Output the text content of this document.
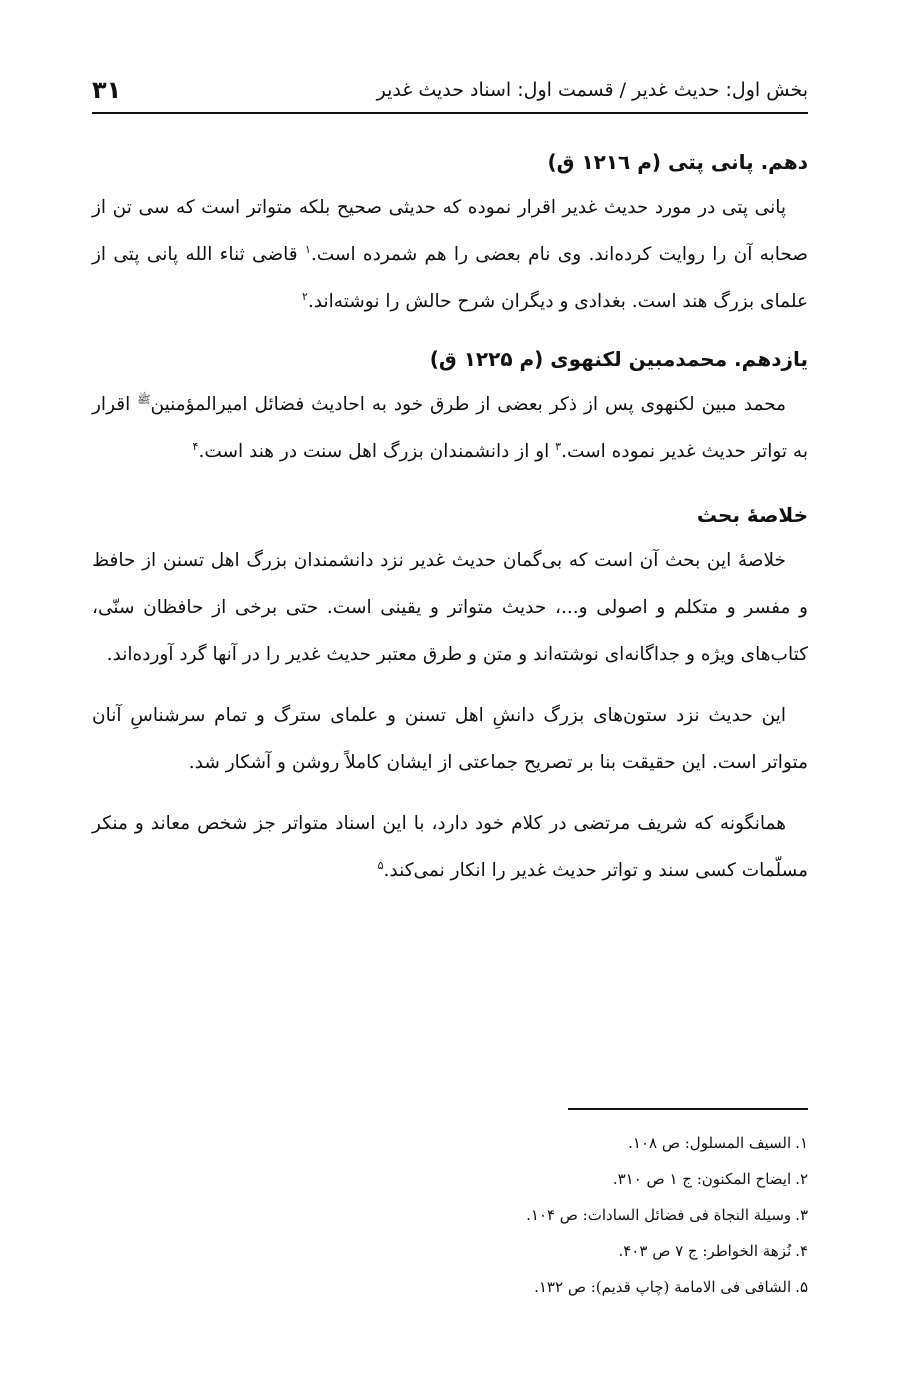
بخش اول: حدیث غدیر / قسمت اول: اسناد حدیث غدیر
۳۱
دهم. پانی پتی (م ۱۲۱٦ ق)

پانی پتی در مورد حدیث غدیر اقرار نموده که حدیثی صحیح بلکه متواتر است که سی تن از صحابه آن را روایت کرده‌اند. وی نام بعضی را هم شمرده است.$^۱$ قاضی ثناء الله پانی پتی از علمای بزرگ هند است. بغدادی و دیگران شرح حالش را نوشته‌اند.$^۲$

یازدهم. محمدمبین لکنهوی (م ۱۲۲۵ ق)

محمد مبین لکنهوی پس از ذکر بعضی از طرق خود به احادیث فضائل امیرالمؤمنین$^ﷺ$ اقرار به تواتر حدیث غدیر نموده است.$^۳$ او از دانشمندان بزرگ اهل سنت در هند است.$^۴$

خلاصهٔ بحث

خلاصهٔ این بحث آن است که بی‌گمان حدیث غدیر نزد دانشمندان بزرگ اهل تسنن از حافظ و مفسر و متکلم و اصولی و...، حدیث متواتر و یقینی است. حتی برخی از حافظان سنّی، کتاب‌های ویژه و جداگانه‌ای نوشته‌اند و متن و طرق معتبر حدیث غدیر را در آنها گرد آورده‌اند.

این حدیث نزد ستون‌های بزرگ دانشِ اهل تسنن و علمای سترگ و تمام سرشناسِ آنان متواتر است. این حقیقت بنا بر تصریح جماعتی از ایشان کاملاً روشن و آشکار شد.

همانگونه که شریف مرتضی در کلام خود دارد، با این اسناد متواتر جز شخص معاند و منکر مسلّمات کسی سند و تواتر حدیث غدیر را انکار نمی‌کند.$^۵$

۱.السیف المسلول: ص ۱۰۸.
۲.ایضاح المکنون: ج ۱ ص ۳۱۰.
۳.وسیلة النجاة فی فضائل السادات: ص ۱۰۴.
۴.نُزهة الخواطر: ج ۷ ص ۴۰۳.
۵.الشافی فی الامامة (چاپ قدیم): ص ۱۳۲.
